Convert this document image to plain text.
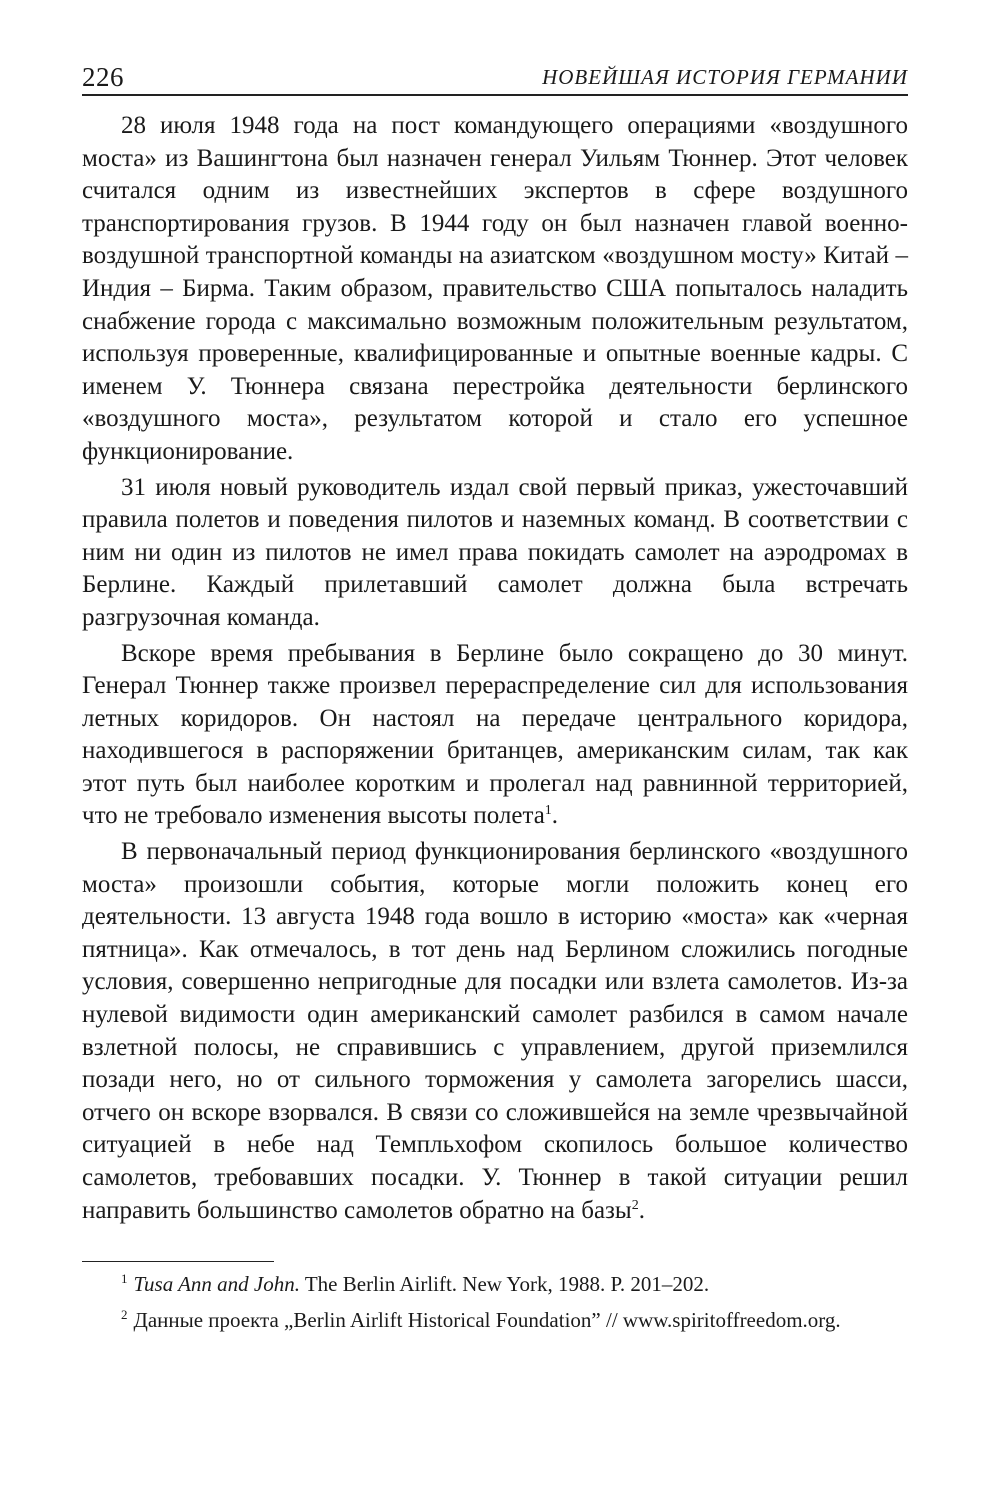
226	НОВЕЙШАЯ ИСТОРИЯ ГЕРМАНИИ

28 июля 1948 года на пост командующего операциями «воздушного моста» из Вашингтона был назначен генерал Уильям Тюннер. Этот человек считался одним из известнейших экспертов в сфере воздушного транспортирования грузов. В 1944 году он был назначен главой военно-воздушной транспортной команды на азиатском «воздушном мосту» Китай – Индия – Бирма. Таким образом, правительство США попыталось наладить снабжение города с максимально возможным положительным результатом, используя проверенные, квалифицированные и опытные военные кадры. С именем У. Тюннера связана перестройка деятельности берлинского «воздушного моста», результатом которой и стало его успешное функционирование.

31 июля новый руководитель издал свой первый приказ, ужесточавший правила полетов и поведения пилотов и наземных команд. В соответствии с ним ни один из пилотов не имел права покидать самолет на аэродромах в Берлине. Каждый прилетавший самолет должна была встречать разгрузочная команда.

Вскоре время пребывания в Берлине было сокращено до 30 минут. Генерал Тюннер также произвел перераспределение сил для использования летных коридоров. Он настоял на передаче центрального коридора, находившегося в распоряжении британцев, американским силам, так как этот путь был наиболее коротким и пролегал над равнинной территорией, что не требовало изменения высоты полета$^1$.

В первоначальный период функционирования берлинского «воздушного моста» произошли события, которые могли положить конец его деятельности. 13 августа 1948 года вошло в историю «моста» как «черная пятница». Как отмечалось, в тот день над Берлином сложились погодные условия, совершенно непригодные для посадки или взлета самолетов. Из-за нулевой видимости один американский самолет разбился в самом начале взлетной полосы, не справившись с управлением, другой приземлился позади него, но от сильного торможения у самолета загорелись шасси, отчего он вскоре взорвался. В связи со сложившейся на земле чрезвычайной ситуацией в небе над Темпльхофом скопилось большое количество самолетов, требовавших посадки. У. Тюннер в такой ситуации решил направить большинство самолетов обратно на базы$^2$.

$^1$ Tusa Ann and John. The Berlin Airlift. New York, 1988. P. 201–202.

$^2$ Данные проекта „Berlin Airlift Historical Foundation” // www.spiritoffreedom.org.
